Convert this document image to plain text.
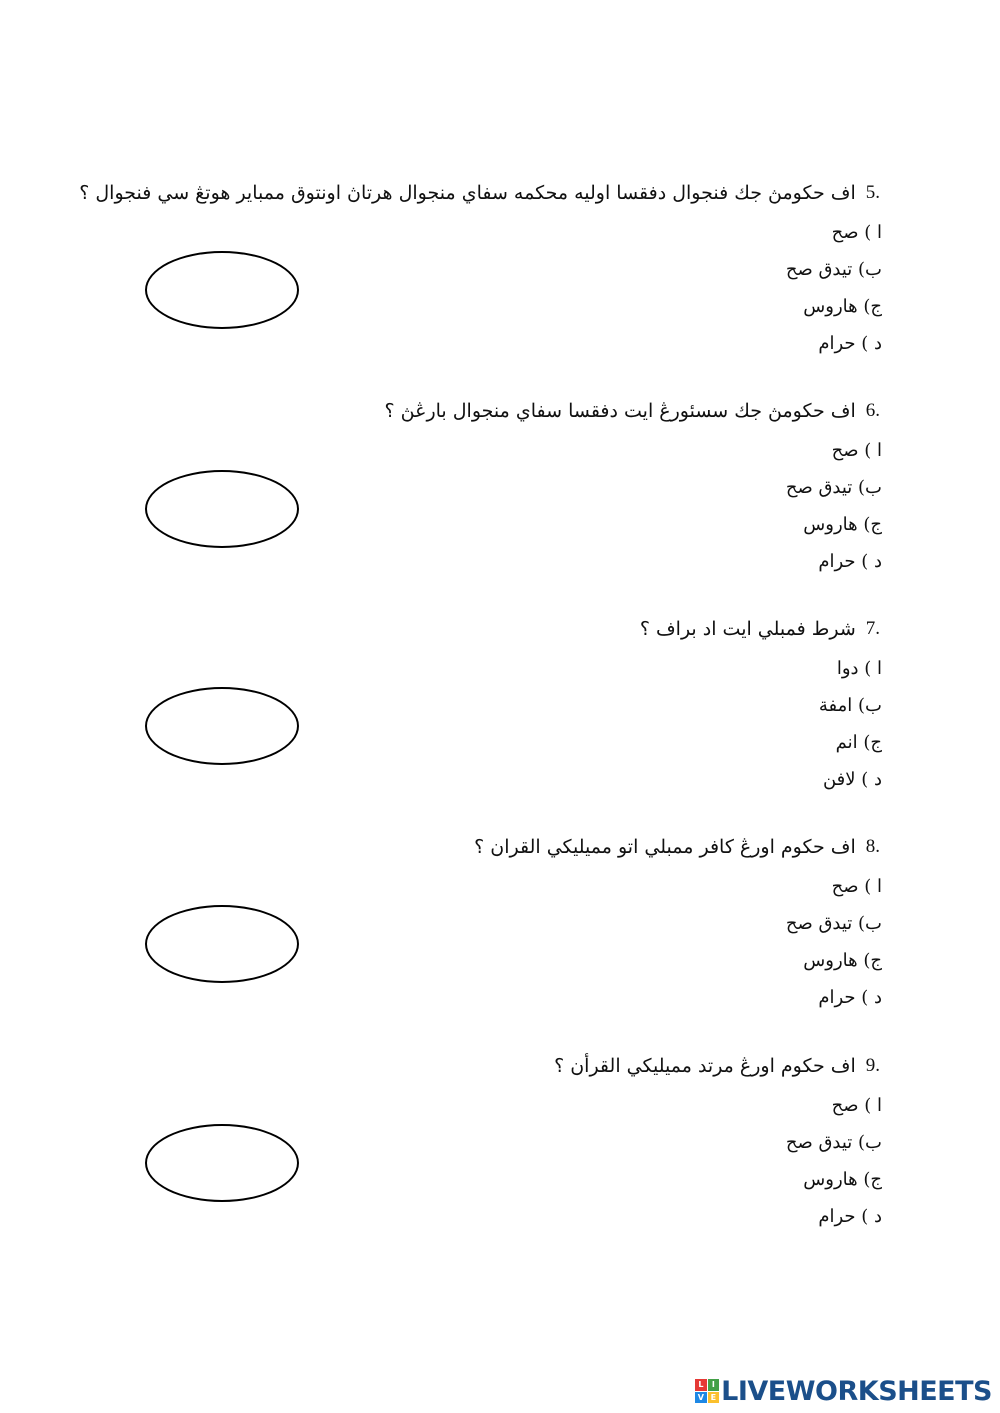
اف حكومڽ جك فنجوال دفقسا اوليه محكمه سفاي منجوال هرتاڽ اونتوق ممباير هوتڠ سي فنجوال ؟ 5.
ا ) صح
ب) تيدق صح
ج) هاروس
د ) حرام
اف حكومڽ جك سسئورڠ ايت دفقسا سفاي منجوال بارڠڽ ؟ 6.
ا ) صح
ب) تيدق صح
ج) هاروس
د ) حرام
شرط فمبلي ايت اد براف ؟ 7.
ا ) دوا
ب) امفة
ج) انم
د ) لافن
اف حكوم اورڠ كافر ممبلي اتو مميليكي القران ؟ 8.
ا ) صح
ب) تيدق صح
ج) هاروس
د ) حرام
اف حكوم اورڠ مرتد مميليكي القرأن ؟ 9.
ا ) صح
ب) تيدق صح
ج) هاروس
د ) حرام
L	I
V E LIVEWORKSHEETS
